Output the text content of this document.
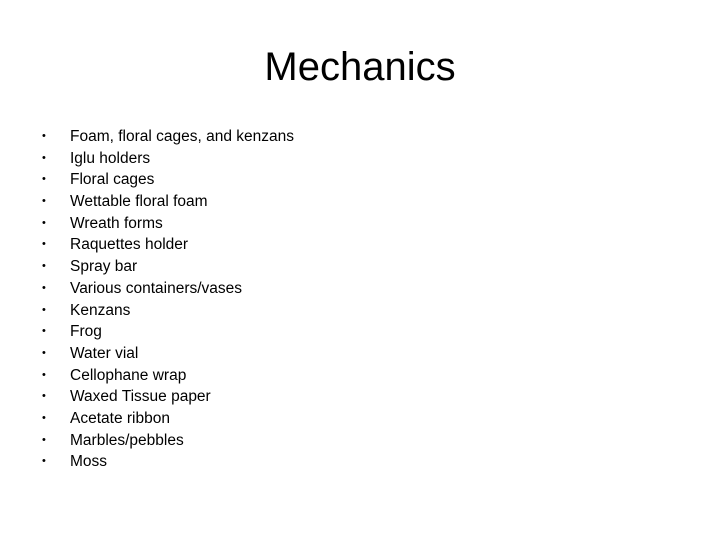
Mechanics
• Foam, floral cages, and kenzans
• Iglu holders
• Floral cages
• Wettable floral foam
• Wreath forms
• Raquettes holder
• Spray bar
• Various containers/vases
• Kenzans
• Frog
• Water vial
• Cellophane wrap
• Waxed Tissue paper
• Acetate ribbon
• Marbles/pebbles
• Moss
